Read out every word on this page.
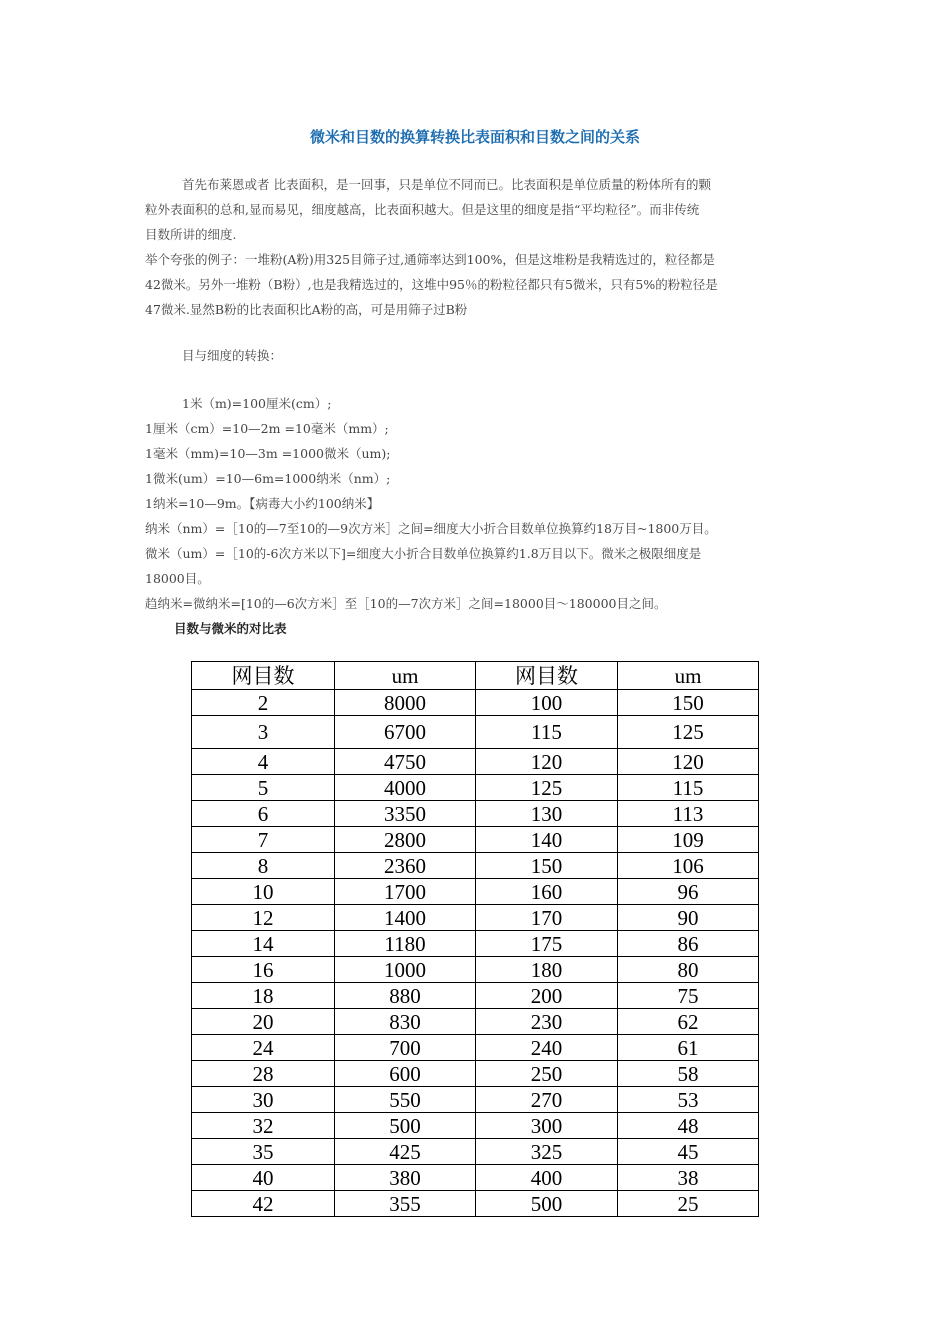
微米和目数的换算转换比表面积和目数之间的关系
首先布莱恩或者 比表面积，是一回事，只是单位不同而已。比表面积是单位质量的粉体所有的颗
粒外表面积的总和,显而易见，细度越高，比表面积越大。但是这里的细度是指“平均粒径”。而非传统
目数所讲的细度.
举个夸张的例子：一堆粉(A粉)用325目筛子过,通筛率达到100%，但是这堆粉是我精选过的，粒径都是
42微米。另外一堆粉（B粉）,也是我精选过的，这堆中95％的粉粒径都只有5微米，只有5%的粉粒径是
47微米.显然B粉的比表面积比A粉的高，可是用筛子过B粉
目与细度的转换：
1米（m)=100厘米(cm）;
1厘米（cm）=10—2m =10毫米（mm）;
1毫米（mm)=10—3m =1000微米（um);
1微米(um）=10—6m=1000纳米（nm）;
1纳米=10—9m。【病毒大小约100纳米】
纳米（nm）=［10的—7至10的—9次方米］之间=细度大小折合目数单位换算约18万目~1800万目。
微米（um）=［10的-6次方米以下]=细度大小折合目数单位换算约1.8万目以下。微米之极限细度是
18000目。
趋纳米=微纳米=[10的—6次方米］至［10的—7次方米］之间=18000目～180000目之间。
目数与微米的对比表
网目数	um	网目数	um
2	8000	100	150
3	6700	115	125
4	4750	120	120
5	4000	125	115
6	3350	130	113
7	2800	140	109
8	2360	150	106
10	1700	160	96
12	1400	170	90
14	1180	175	86
16	1000	180	80
18	880	200	75
20	830	230	62
24	700	240	61
28	600	250	58
30	550	270	53
32	500	300	48
35	425	325	45
40	380	400	38
42	355	500	25
